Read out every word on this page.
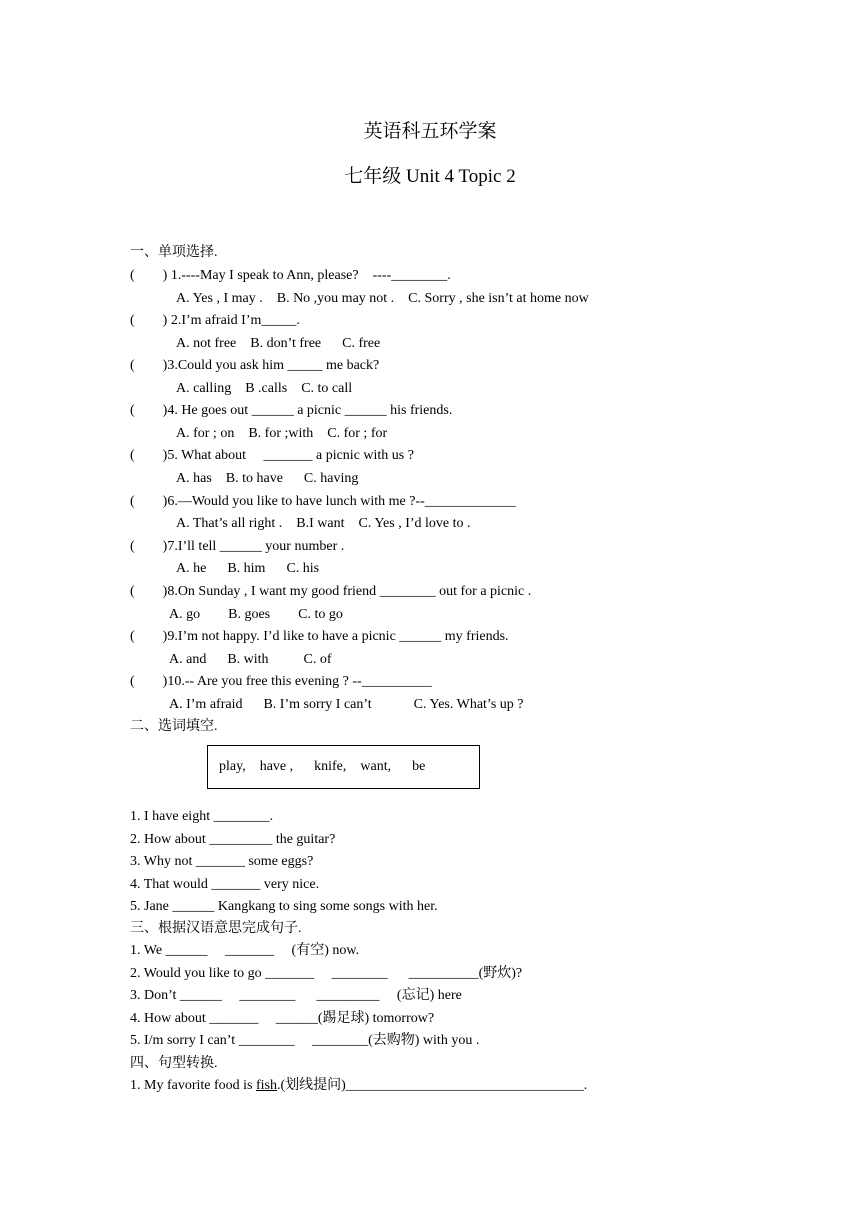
英语科五环学案
七年级 Unit 4 Topic 2
一、单项选择.
(        ) 1.----May I speak to Ann, please?    ----________.
A. Yes , I may .    B. No ,you may not .    C. Sorry , she isn’t at home now
(        ) 2.I’m afraid I’m_____.
A. not free    B. don’t free      C. free
(        )3.Could you ask him _____ me back?
A. calling    B .calls    C. to call
(        )4. He goes out ______ a picnic ______ his friends.
A. for ; on    B. for ;with    C. for ; for
(        )5. What about     _______ a picnic with us ?
A. has    B. to have      C. having
(        )6.—Would you like to have lunch with me ?--_____________
A. That’s all right .    B.I want    C. Yes , I’d love to .
(        )7.I’ll tell ______ your number .
A. he      B. him      C. his
(        )8.On Sunday , I want my good friend ________ out for a picnic .
A. go        B. goes        C. to go
(        )9.I’m not happy. I’d like to have a picnic ______ my friends.
A. and      B. with          C. of
(        )10.-- Are you free this evening ? --__________
A. I’m afraid      B. I’m sorry I can’t            C. Yes. What’s up ?
二、选词填空.
play,    have ,      knife,    want,      be
1. I have eight ________.
2. How about _________ the guitar?
3. Why not _______ some eggs?
4. That would _______ very nice.
5. Jane ______ Kangkang to sing some songs with her.
三、根据汉语意思完成句子.
1. We ______     _______     (有空) now.
2. Would you like to go _______     ________      __________(野炊)?
3. Don’t ______     ________      _________     (忘记) here
4. How about _______     ______(踢足球) tomorrow?
5. I/m sorry I can’t ________     ________(去购物) with you .
四、句型转换.
1. My favorite food is fish.(划线提问)__________________________________.
